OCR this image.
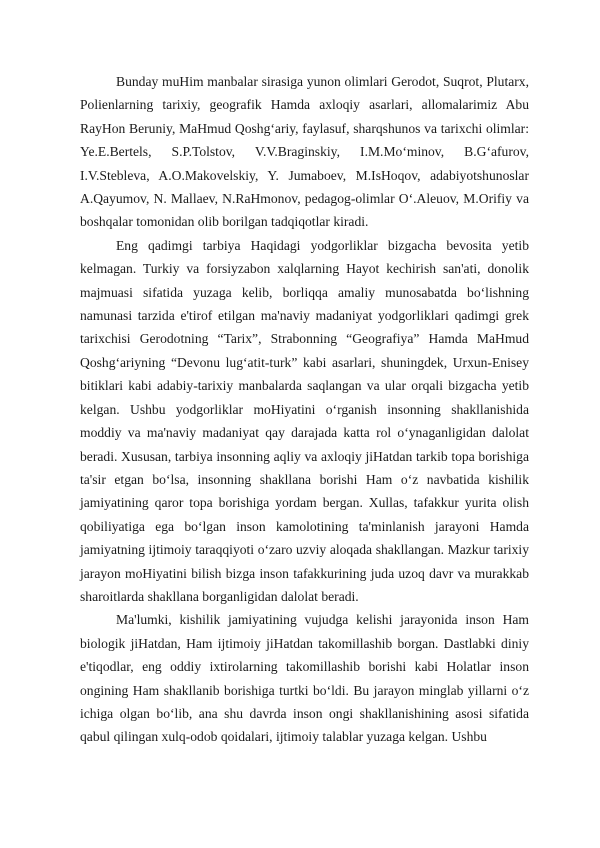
Bunday muHim manbalar sirasiga yunon olimlari Gerodot, Suqrot, Plutarx, Polienlarning tarixiy, geografik Hamda axloqiy asarlari, allomalarimiz Abu RayHon Beruniy, MaHmud Qoshg‘ariy, faylasuf, sharqshunos va tarixchi olimlar: Ye.E.Bertels, S.P.Tolstov, V.V.Braginskiy, I.M.Mo‘minov, B.G‘afurov, I.V.Stebleva, A.O.Makovelskiy, Y. Jumaboev, M.IsHoqov, adabiyotshunoslar A.Qayumov, N. Mallaev, N.RaHmonov, pedagog-olimlar O‘.Aleuov, M.Orifiy va boshqalar tomonidan olib borilgan tadqiqotlar kiradi.

Eng qadimgi tarbiya Haqidagi yodgorliklar bizgacha bevosita yetib kelmagan. Turkiy va forsiyzabon xalqlarning Hayot kechirish san'ati, donolik majmuasi sifatida yuzaga kelib, borliqqa amaliy munosabatda bo‘lishning namunasi tarzida e'tirof etilgan ma'naviy madaniyat yodgorliklari qadimgi grek tarixchisi Gerodotning “Tarix”, Strabonning “Geografiya” Hamda MaHmud Qoshg‘ariyning “Devonu lug‘atit-turk” kabi asarlari, shuningdek, Urxun-Enisey bitiklari kabi adabiy-tarixiy manbalarda saqlangan va ular orqali bizgacha yetib kelgan. Ushbu yodgorliklar moHiyatini o‘rganish insonning shakllanishida moddiy va ma'naviy madaniyat qay darajada katta rol o‘ynaganligidan dalolat beradi. Xususan, tarbiya insonning aqliy va axloqiy jiHatdan tarkib topa borishiga ta'sir etgan bo‘lsa, insonning shakllana borishi Ham o‘z navbatida kishilik jamiyatining qaror topa borishiga yordam bergan. Xullas, tafakkur yurita olish qobiliyatiga ega bo‘lgan inson kamolotining ta'minlanish jarayoni Hamda jamiyatning ijtimoiy taraqqiyoti o‘zaro uzviy aloqada shakllangan. Mazkur tarixiy jarayon moHiyatini bilish bizga inson tafakkurining juda uzoq davr va murakkab sharoitlarda shakllana borganligidan dalolat beradi.

Ma'lumki, kishilik jamiyatining vujudga kelishi jarayonida inson Ham biologik jiHatdan, Ham ijtimoiy jiHatdan takomillashib borgan. Dastlabki diniy e'tiqodlar, eng oddiy ixtirolarning takomillashib borishi kabi Holatlar inson ongining Ham shakllanib borishiga turtki bo‘ldi. Bu jarayon minglab yillarni o‘z ichiga olgan bo‘lib, ana shu davrda inson ongi shakllanishining asosi sifatida qabul qilingan xulq-odob qoidalari, ijtimoiy talablar yuzaga kelgan. Ushbu
